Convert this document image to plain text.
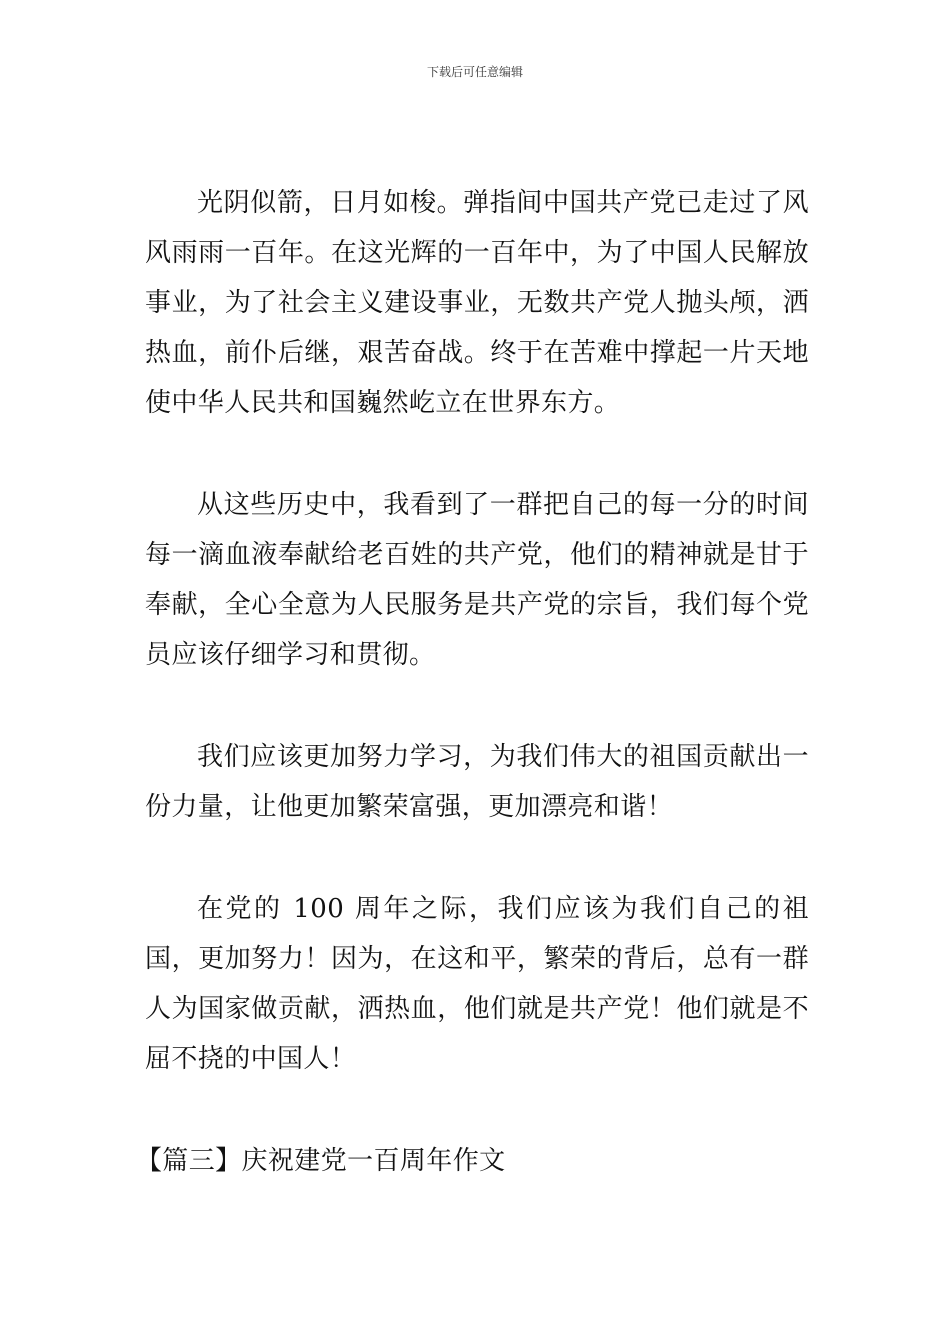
下载后可任意编辑

光阴似箭，日月如梭。弹指间中国共产党已走过了风风雨雨一百年。在这光辉的一百年中，为了中国人民解放事业，为了社会主义建设事业，无数共产党人抛头颅，洒热血，前仆后继，艰苦奋战。终于在苦难中撑起一片天地使中华人民共和国巍然屹立在世界东方。

从这些历史中，我看到了一群把自己的每一分的时间每一滴血液奉献给老百姓的共产党，他们的精神就是甘于奉献，全心全意为人民服务是共产党的宗旨，我们每个党员应该仔细学习和贯彻。

我们应该更加努力学习，为我们伟大的祖国贡献出一份力量，让他更加繁荣富强，更加漂亮和谐！

在党的 100 周年之际，我们应该为我们自己的祖国，更加努力！因为，在这和平，繁荣的背后，总有一群人为国家做贡献，洒热血，他们就是共产党！他们就是不屈不挠的中国人！

【篇三】庆祝建党一百周年作文
